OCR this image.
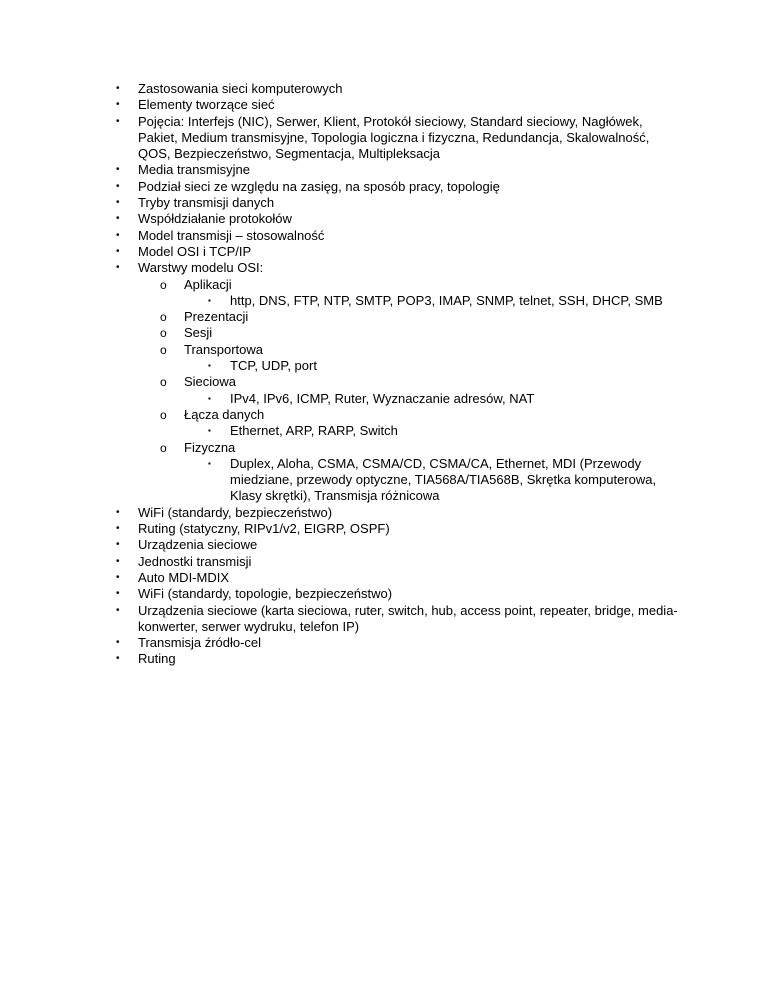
• Zastosowania sieci komputerowych
• Elementy tworzące sieć
• Pojęcia: Interfejs (NIC), Serwer, Klient, Protokół sieciowy, Standard sieciowy, Nagłówek, Pakiet, Medium transmisyjne, Topologia logiczna i fizyczna, Redundancja, Skalowalność, QOS, Bezpieczeństwo, Segmentacja, Multipleksacja
• Media transmisyjne
• Podział sieci ze względu na zasięg, na sposób pracy, topologię
• Tryby transmisji danych
• Współdziałanie protokołów
• Model transmisji – stosowalność
• Model OSI i TCP/IP
• Warstwy modelu OSI:
o Aplikacji
▪ http, DNS, FTP, NTP, SMTP, POP3, IMAP, SNMP, telnet, SSH, DHCP, SMB
o Prezentacji
o Sesji
o Transportowa
▪ TCP, UDP, port
o Sieciowa
▪ IPv4, IPv6, ICMP, Ruter, Wyznaczanie adresów, NAT
o Łącza danych
▪ Ethernet, ARP, RARP, Switch
o Fizyczna
▪ Duplex, Aloha, CSMA, CSMA/CD, CSMA/CA, Ethernet, MDI (Przewody miedziane, przewody optyczne, TIA568A/TIA568B, Skrętka komputerowa, Klasy skrętki), Transmisja różnicowa
• WiFi (standardy, bezpieczeństwo)
• Ruting (statyczny, RIPv1/v2, EIGRP, OSPF)
• Urządzenia sieciowe
• Jednostki transmisji
• Auto MDI-MDIX
• WiFi (standardy, topologie, bezpieczeństwo)
• Urządzenia sieciowe (karta sieciowa, ruter, switch, hub, access point, repeater, bridge, media-konwerter, serwer wydruku, telefon IP)
• Transmisja źródło-cel
• Ruting
